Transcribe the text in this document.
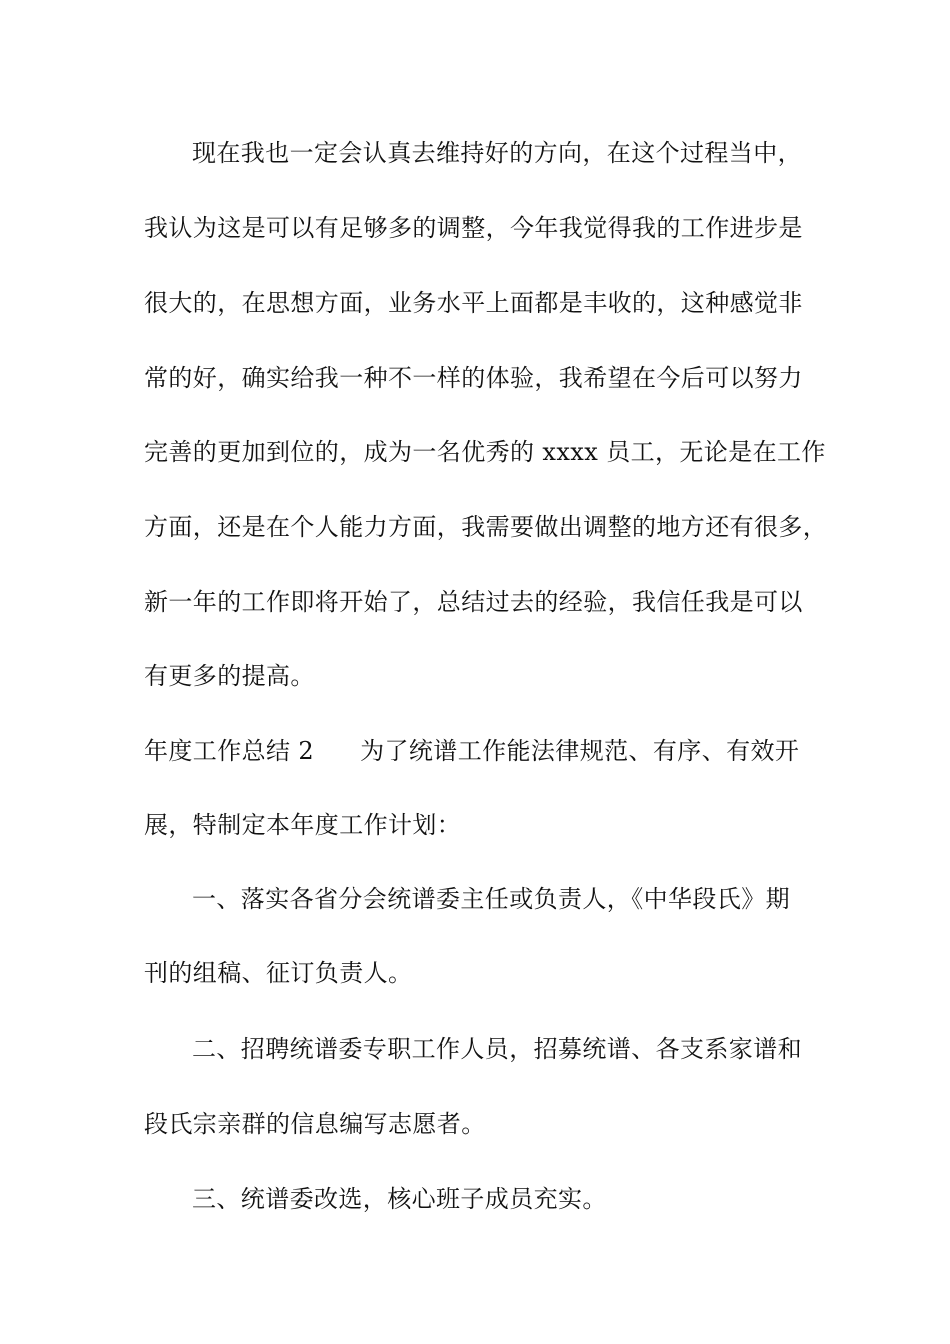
现在我也一定会认真去维持好的方向，在这个过程当中，
我认为这是可以有足够多的调整，今年我觉得我的工作进步是
很大的，在思想方面，业务水平上面都是丰收的，这种感觉非
常的好，确实给我一种不一样的体验，我希望在今后可以努力
完善的更加到位的，成为一名优秀的 xxxx 员工，无论是在工作
方面，还是在个人能力方面，我需要做出调整的地方还有很多，
新一年的工作即将开始了，总结过去的经验，我信任我是可以
有更多的提高。
年度工作总结 2 为了统谱工作能法律规范、有序、有效开
展，特制定本年度工作计划：
一、落实各省分会统谱委主任或负责人，《中华段氏》期
刊的组稿、征订负责人。
二、招聘统谱委专职工作人员，招募统谱、各支系家谱和
段氏宗亲群的信息编写志愿者。
三、统谱委改选，核心班子成员充实。
